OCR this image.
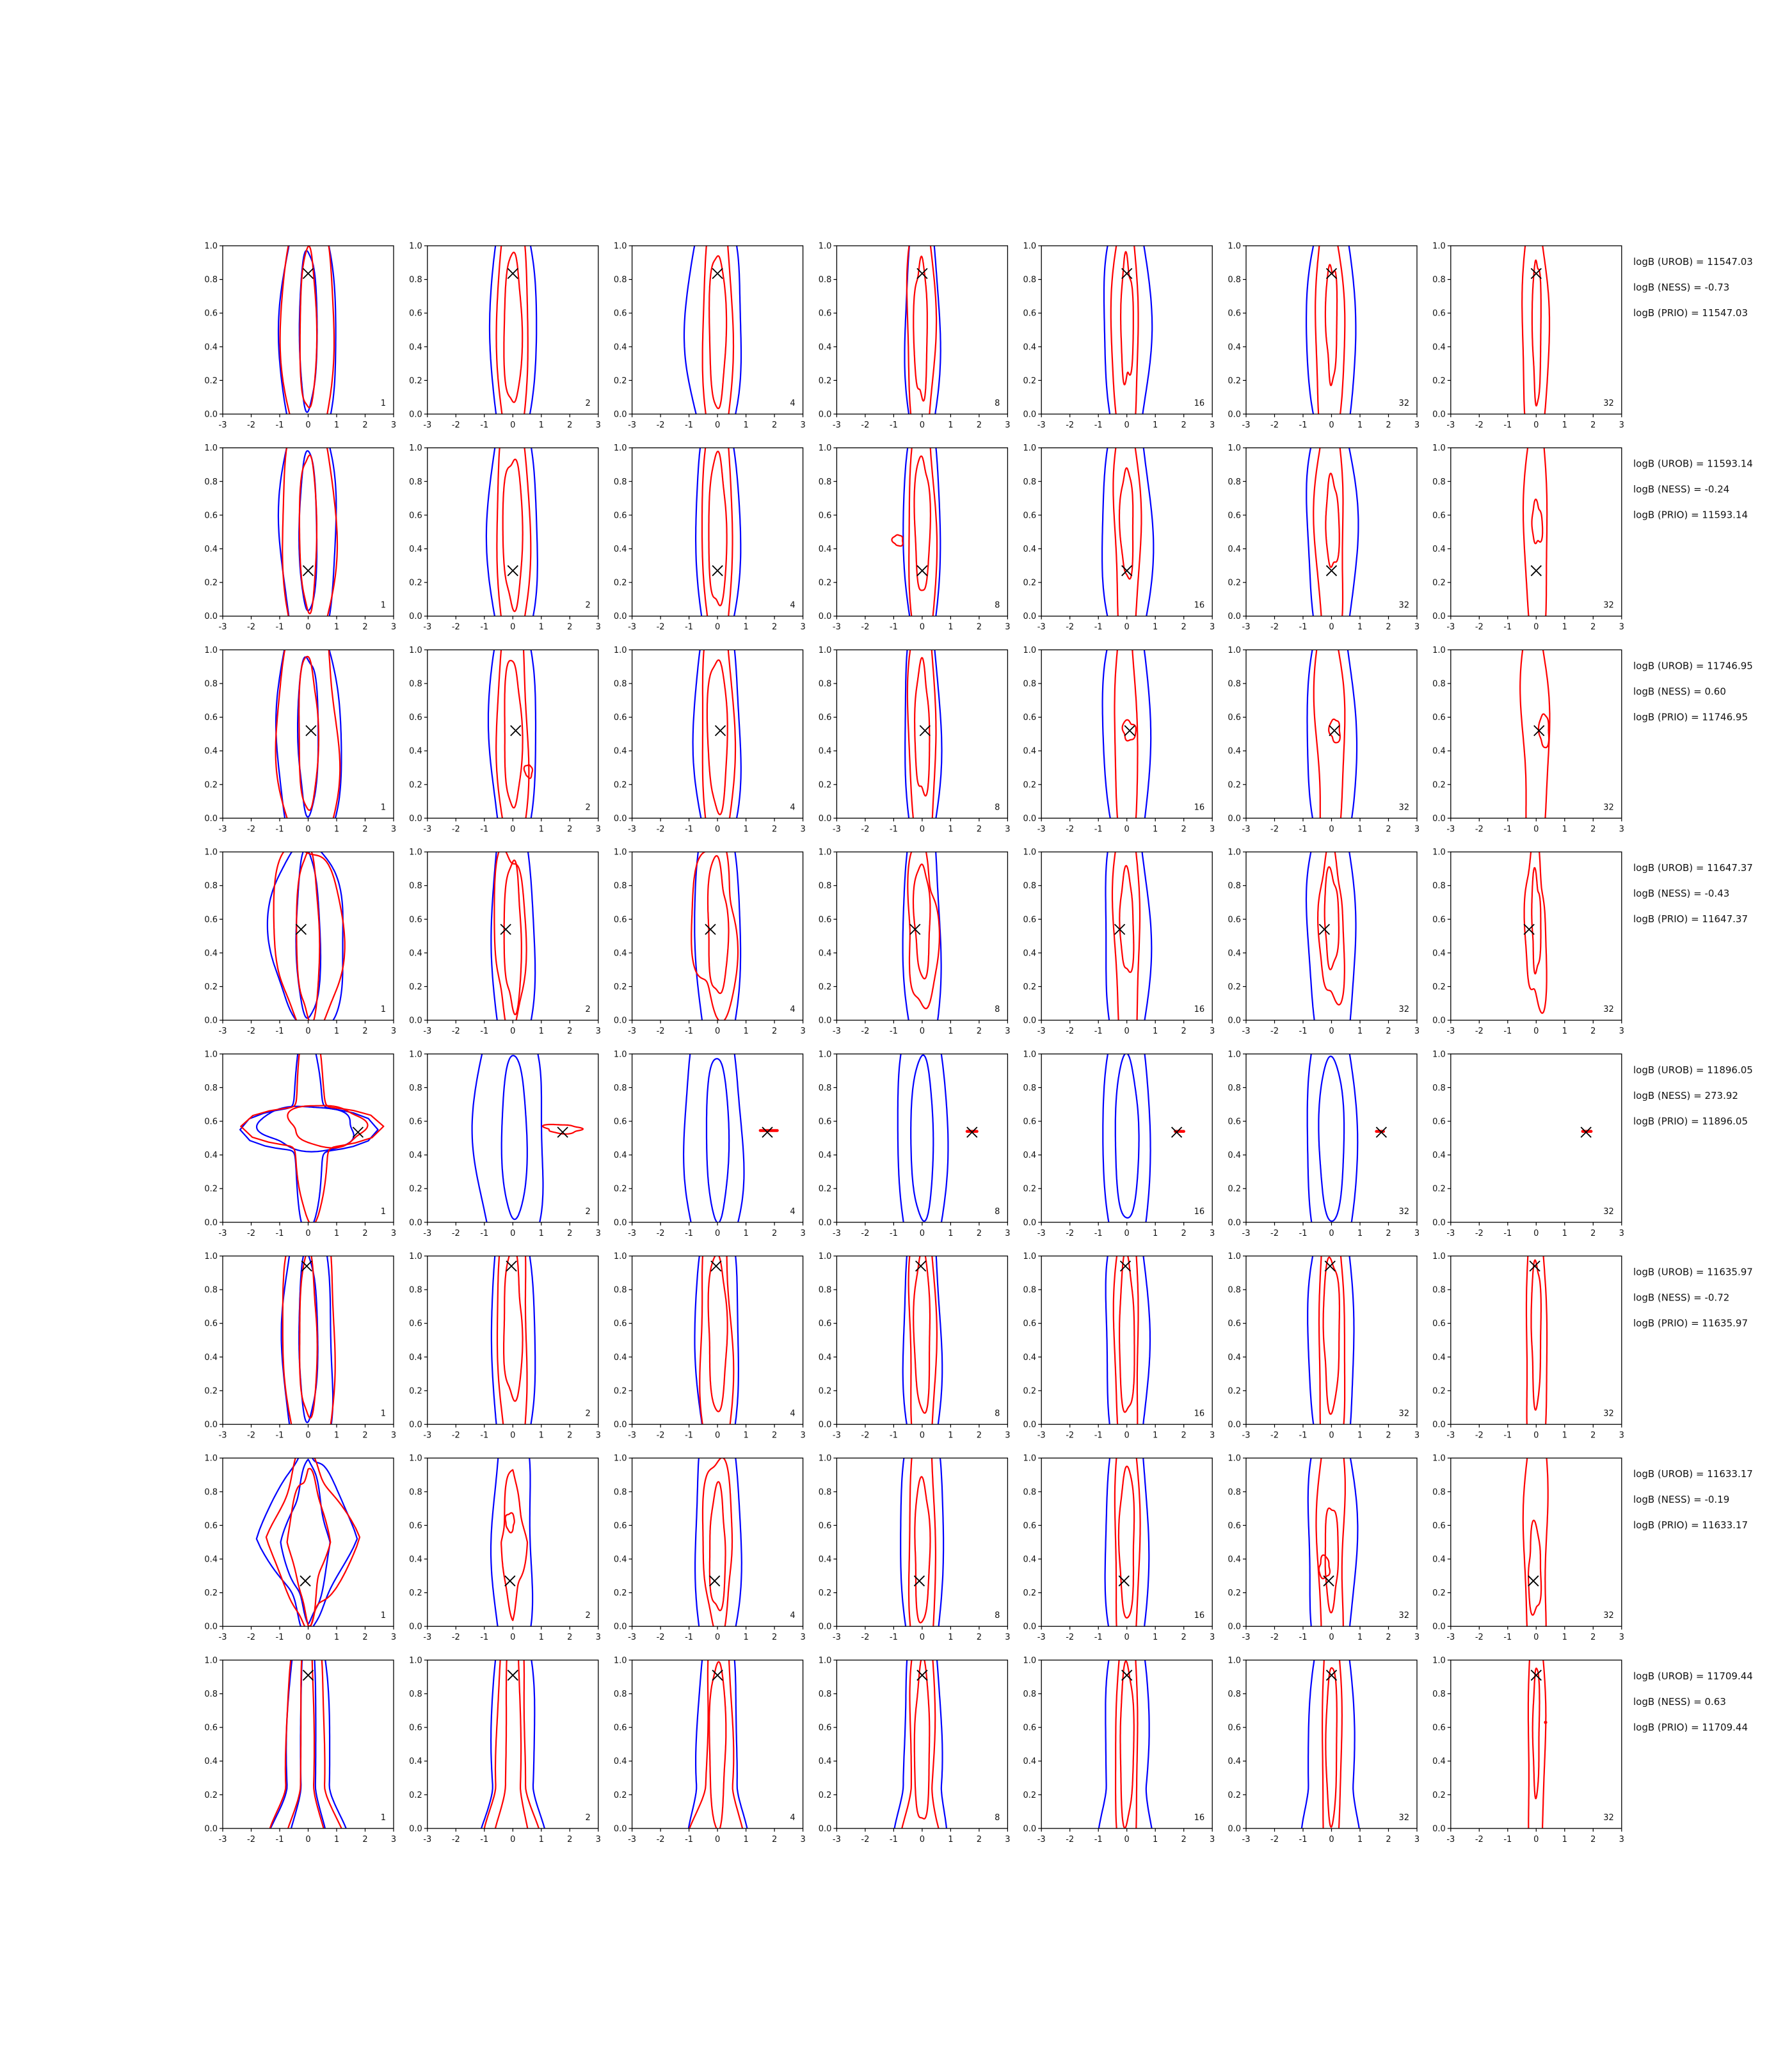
1
-3 -2 -1	0	1	2	3
0.0
0.2
0.4
0.6
0.8
1.0
2
-3 -2 -1	0	1	2	3
0.0
0.2
0.4
0.6
0.8
1.0
4
-3 -2 -1	0	1	2	3
0.0
0.2
0.4
0.6
0.8
1.0
8
-3 -2 -1	0	1	2	3
0.0
0.2
0.4
0.6
0.8
1.0
16
-3 -2 -1	0	1	2	3
0.0
0.2
0.4
0.6
0.8
1.0
32
-3 -2 -1	0	1	2	3
0.0
0.2
0.4
0.6
0.8
1.0
32
-3 -2 -1	0	1	2	3
0.0
0.2
0.4
0.6
0.8
1.0
logB (UROB) = 11547.03
logB (NESS) = -0.73
logB (PRIO) = 11547.03
1
-3 -2 -1	0	1	2	3
0.0
0.2
0.4
0.6
0.8
1.0
2
-3 -2 -1	0	1	2	3
0.0
0.2
0.4
0.6
0.8
1.0
4
-3 -2 -1	0	1	2	3
0.0
0.2
0.4
0.6
0.8
1.0
8
-3 -2 -1	0	1	2	3
0.0
0.2
0.4
0.6
0.8
1.0
16
-3 -2 -1	0	1	2	3
0.0
0.2
0.4
0.6
0.8
1.0
32
-3 -2 -1	0	1	2	3
0.0
0.2
0.4
0.6
0.8
1.0
32
-3 -2 -1	0	1	2	3
0.0
0.2
0.4
0.6
0.8
1.0
logB (UROB) = 11593.14
logB (NESS) = -0.24
logB (PRIO) = 11593.14
1
-3 -2 -1	0	1	2	3
0.0
0.2
0.4
0.6
0.8
1.0
2
-3 -2 -1	0	1	2	3
0.0
0.2
0.4
0.6
0.8
1.0
4
-3 -2 -1	0	1	2	3
0.0
0.2
0.4
0.6
0.8
1.0
8
-3 -2 -1	0	1	2	3
0.0
0.2
0.4
0.6
0.8
1.0
16
-3 -2 -1	0	1	2	3
0.0
0.2
0.4
0.6
0.8
1.0
32
-3 -2 -1	0	1	2	3
0.0
0.2
0.4
0.6
0.8
1.0
32
-3 -2 -1	0	1	2	3
0.0
0.2
0.4
0.6
0.8
1.0
logB (UROB) = 11746.95
logB (NESS) = 0.60
logB (PRIO) = 11746.95
1
-3 -2 -1	0	1	2	3
0.0
0.2
0.4
0.6
0.8
1.0
2
-3 -2 -1	0	1	2	3
0.0
0.2
0.4
0.6
0.8
1.0
4
-3 -2 -1	0	1	2	3
0.0
0.2
0.4
0.6
0.8
1.0
8
-3 -2 -1	0	1	2	3
0.0
0.2
0.4
0.6
0.8
1.0
16
-3 -2 -1	0	1	2	3
0.0
0.2
0.4
0.6
0.8
1.0
32
-3 -2 -1	0	1	2	3
0.0
0.2
0.4
0.6
0.8
1.0
32
-3 -2 -1	0	1	2	3
0.0
0.2
0.4
0.6
0.8
1.0
logB (UROB) = 11647.37
logB (NESS) = -0.43
logB (PRIO) = 11647.37
1
-3 -2 -1	0	1	2	3
0.0
0.2
0.4
0.6
0.8
1.0
2
-3 -2 -1	0	1	2	3
0.0
0.2
0.4
0.6
0.8
1.0
4
-3 -2 -1	0	1	2	3
0.0
0.2
0.4
0.6
0.8
1.0
8
-3 -2 -1	0	1	2	3
0.0
0.2
0.4
0.6
0.8
1.0
16
-3 -2 -1	0	1	2	3
0.0
0.2
0.4
0.6
0.8
1.0
32
-3 -2 -1	0	1	2	3
0.0
0.2
0.4
0.6
0.8
1.0
32
-3 -2 -1	0	1	2	3
0.0
0.2
0.4
0.6
0.8
1.0
logB (UROB) = 11896.05
logB (NESS) = 273.92
logB (PRIO) = 11896.05
1
-3 -2 -1	0	1	2	3
0.0
0.2
0.4
0.6
0.8
1.0
2
-3 -2 -1	0	1	2	3
0.0
0.2
0.4
0.6
0.8
1.0
4
-3 -2 -1	0	1	2	3
0.0
0.2
0.4
0.6
0.8
1.0
8
-3 -2 -1	0	1	2	3
0.0
0.2
0.4
0.6
0.8
1.0
16
-3 -2 -1	0	1	2	3
0.0
0.2
0.4
0.6
0.8
1.0
32
-3 -2 -1	0	1	2	3
0.0
0.2
0.4
0.6
0.8
1.0
32
-3 -2 -1	0	1	2	3
0.0
0.2
0.4
0.6
0.8
1.0
logB (UROB) = 11635.97
logB (NESS) = -0.72
logB (PRIO) = 11635.97
1
-3 -2 -1	0	1	2	3
0.0
0.2
0.4
0.6
0.8
1.0
2
-3 -2 -1	0	1	2	3
0.0
0.2
0.4
0.6
0.8
1.0
4
-3 -2 -1	0	1	2	3
0.0
0.2
0.4
0.6
0.8
1.0
8
-3 -2 -1	0	1	2	3
0.0
0.2
0.4
0.6
0.8
1.0
16
-3 -2 -1	0	1	2	3
0.0
0.2
0.4
0.6
0.8
1.0
32
-3 -2 -1	0	1	2	3
0.0
0.2
0.4
0.6
0.8
1.0
32
-3 -2 -1	0	1	2	3
0.0
0.2
0.4
0.6
0.8
1.0
logB (UROB) = 11633.17
logB (NESS) = -0.19
logB (PRIO) = 11633.17
1
-3 -2 -1	0	1	2	3
0.0
0.2
0.4
0.6
0.8
1.0
2
-3 -2 -1	0	1	2	3
0.0
0.2
0.4
0.6
0.8
1.0
4
-3 -2 -1	0	1	2	3
0.0
0.2
0.4
0.6
0.8
1.0
8
-3 -2 -1	0	1	2	3
0.0
0.2
0.4
0.6
0.8
1.0
16
-3 -2 -1	0	1	2	3
0.0
0.2
0.4
0.6
0.8
1.0
32
-3 -2 -1	0	1	2	3
0.0
0.2
0.4
0.6
0.8
1.0
32
-3 -2 -1	0	1	2	3
0.0
0.2
0.4
0.6
0.8
1.0
logB (UROB) = 11709.44
logB (NESS) = 0.63
logB (PRIO) = 11709.44
